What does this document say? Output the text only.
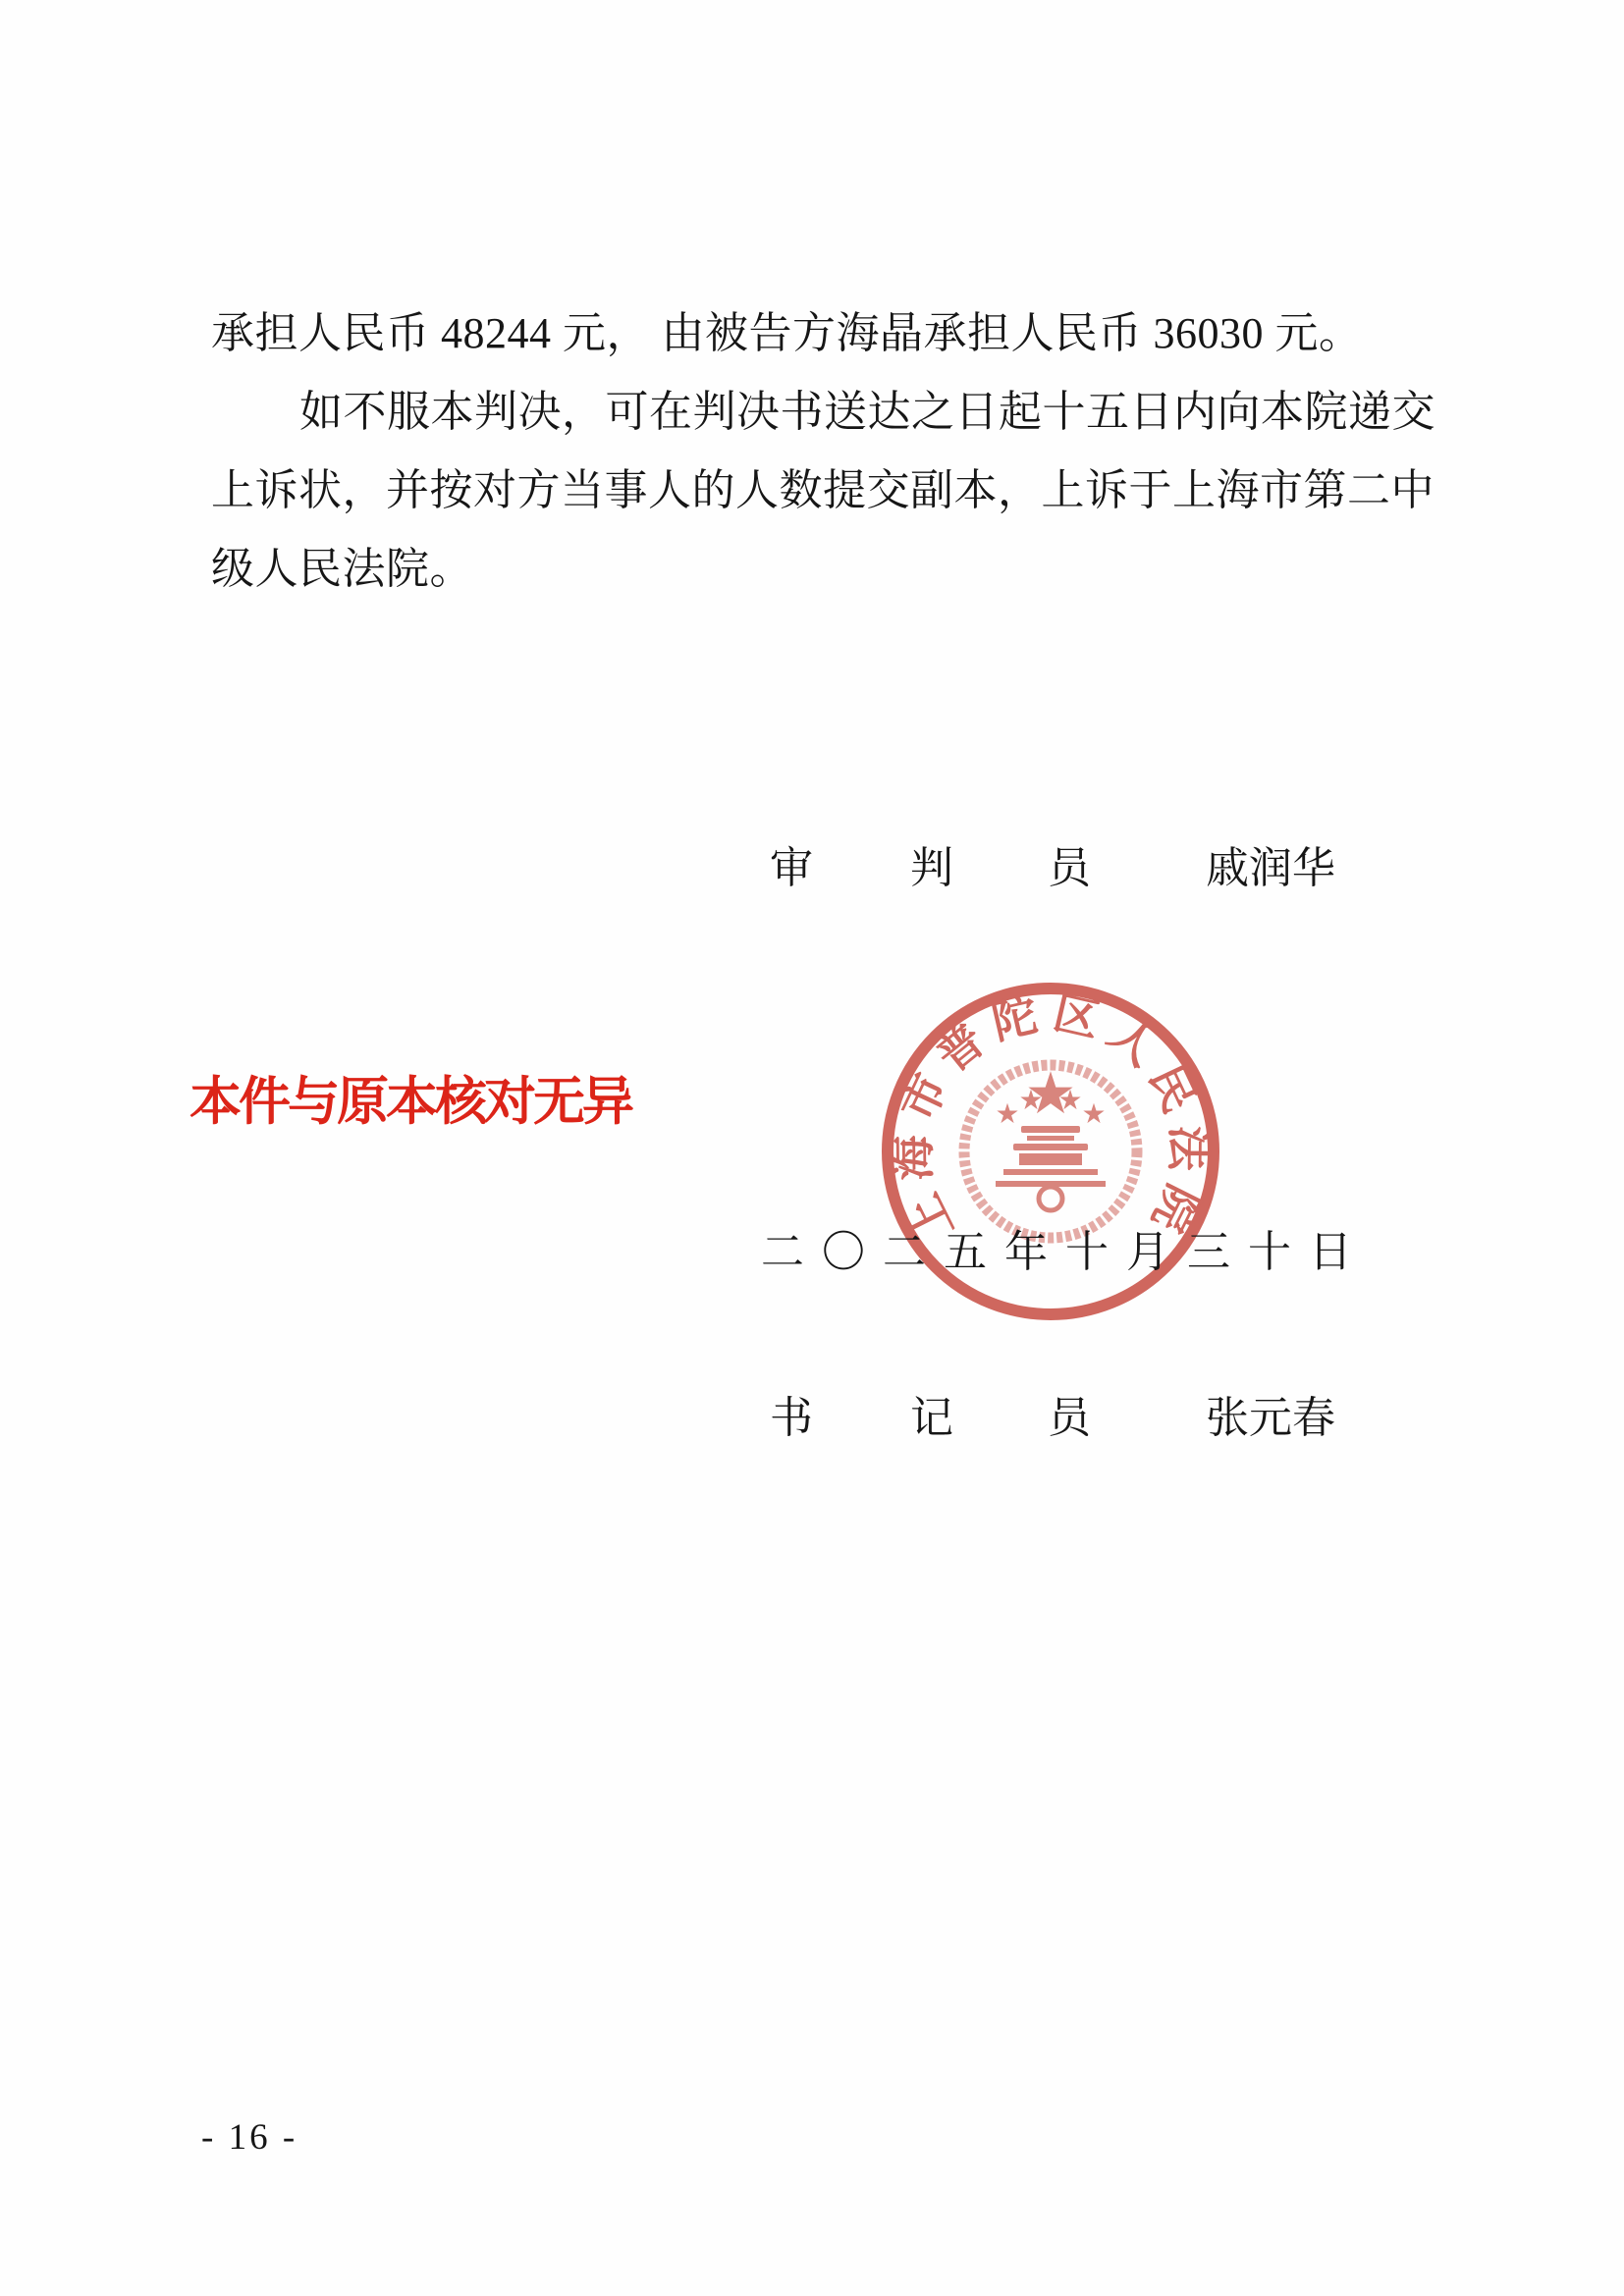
承担人民币 48244 元， 由被告方海晶承担人民币 36030 元。
如不服本判决，可在判决书送达之日起十五日内向本院递交
上诉状，并按对方当事人的人数提交副本，上诉于上海市第二中
级人民法院。
审 判 员	戚润华
本件与原本核对无异
上海市普陀区人民法院
二〇二五年十月三十日
书 记 员	张元春
- 16 -
